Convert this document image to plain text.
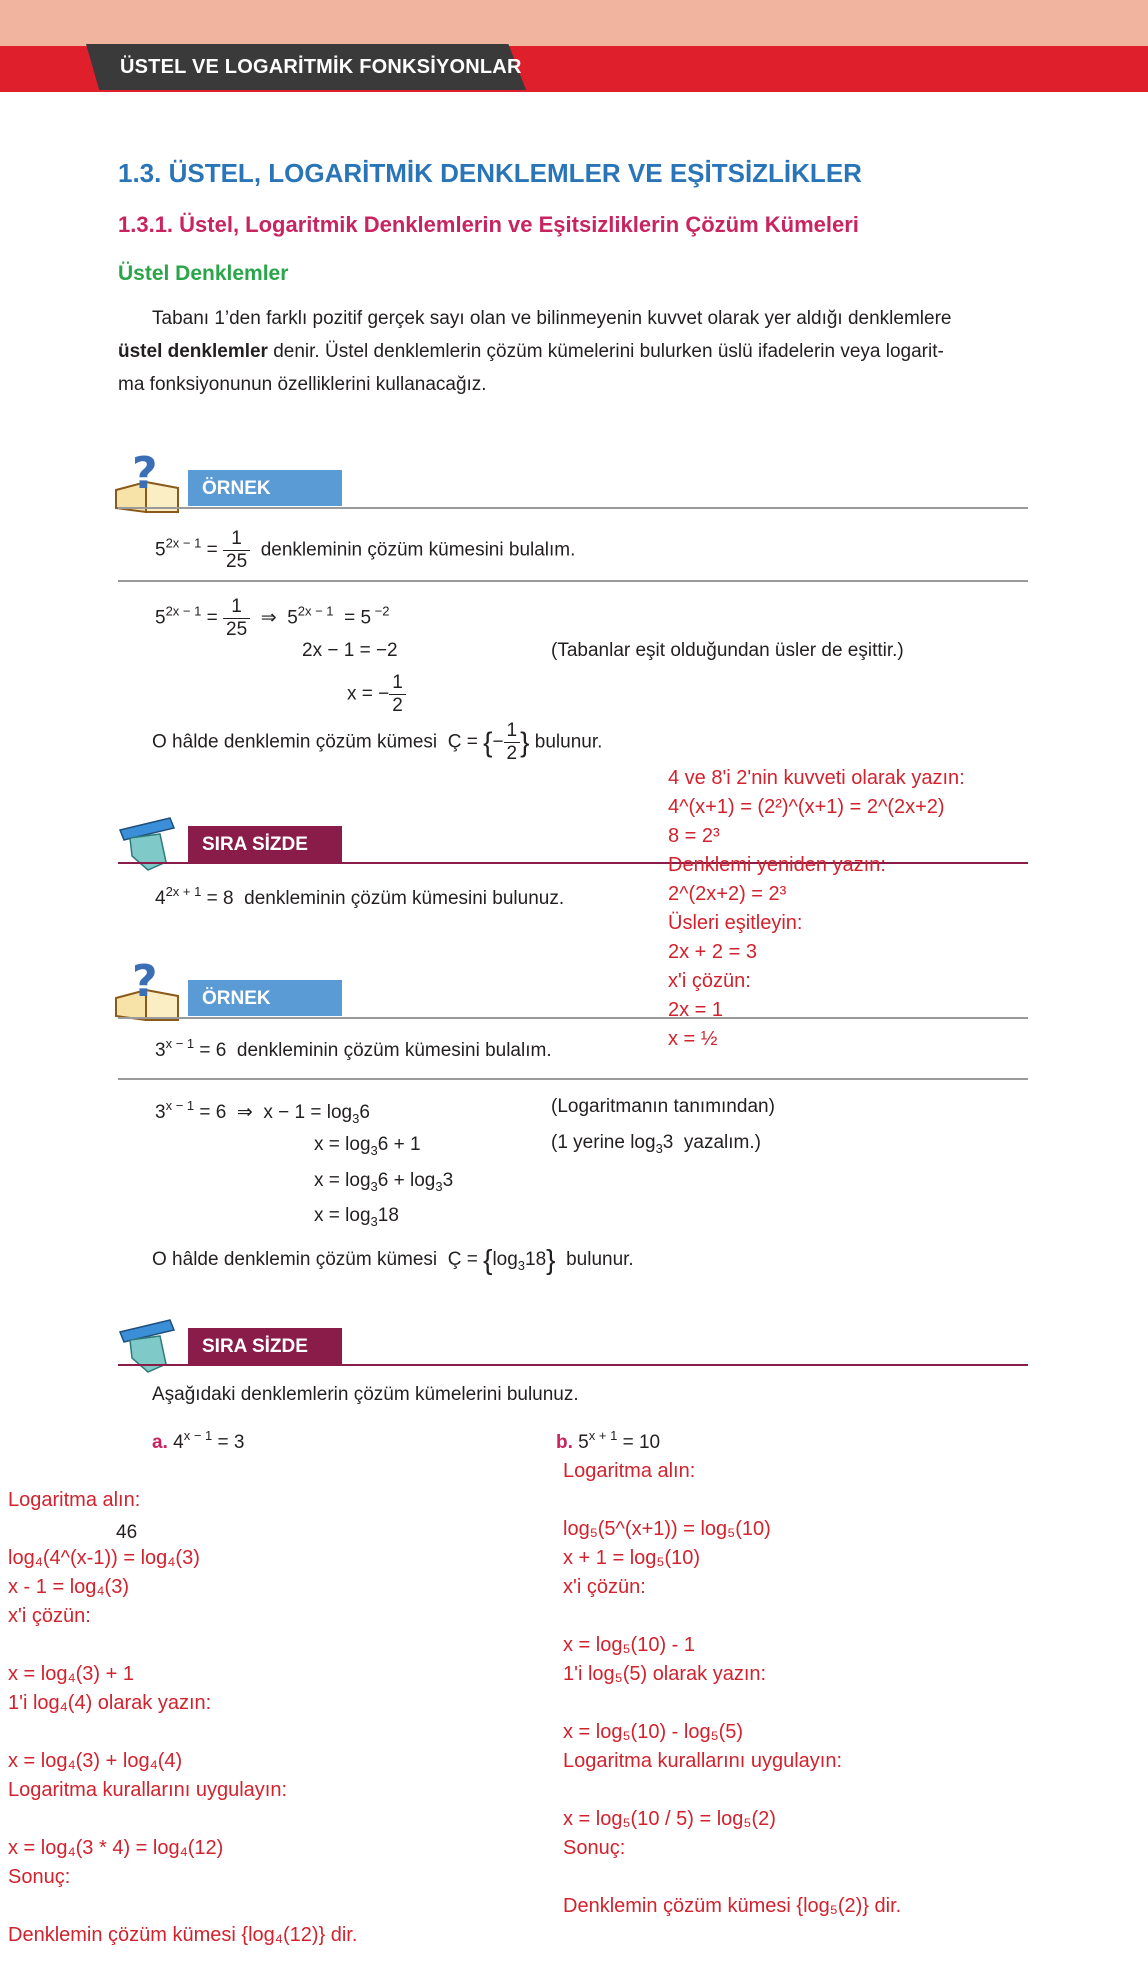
ÜSTEL VE LOGARİTMİK FONKSİYONLAR
1.3. ÜSTEL, LOGARİTMİK DENKLEMLER VE EŞİTSİZLİKLER
1.3.1. Üstel, Logaritmik Denklemlerin ve Eşitsizliklerin Çözüm Kümeleri
Üstel Denklemler
Tabanı 1’den farklı pozitif gerçek sayı olan ve bilinmeyenin kuvvet olarak yer aldığı denklemlere
üstel denklemler denir. Üstel denklemlerin çözüm kümelerini bulurken üslü ifadelerin veya logarit-
ma fonksiyonunun özelliklerini kullanacağız.
?	ÖRNEK
$5^{2x - 1} = \frac{1}{25}$ denkleminin çözüm kümesini bulalım.
$5^{2x - 1} = \frac{1}{25}$ ⇒  $5^{2x - 1} = 5$ $^{-2}$
2x − 1 = −2	(Tabanlar eşit olduğundan üsler de eşittir.)
x = − $\frac{1}{2}$
O hâlde denklemin çözüm kümesi  Ç = {− $\frac{1}{2}$ } bulunur.
SIRA SİZDE
$4^{2x + 1} = 8$  denkleminin çözüm kümesini bulunuz.
?	ÖRNEK
$3^{x - 1} = 6$  denkleminin çözüm kümesini bulalım.
$3^{x - 1} = 6$  ⇒  $x - 1 = \log_36$	(Logaritmanın tanımından)
$x = \log_36 + 1$	(1 yerine $\log_33$  yazalım.)
$x = \log_36 + \log_33$
$x = \log_318$
O hâlde denklemin çözüm kümesi  Ç = $\{\log_318\}$ bulunur.
SIRA SİZDE
Aşağıdaki denklemlerin çözüm kümelerini bulunuz.
a. $4^{x - 1} = 3$	b. $5^{x + 1} = 10$
46
4 ve 8'i 2'nin kuvveti olarak yazın:
4^(x+1) = (2²)^(x+1) = 2^(2x+2)
8 = 2³
Denklemi yeniden yazın:
2^(2x+2) = 2³
Üsleri eşitleyin:
2x + 2 = 3
x'i çözün:
2x = 1
x = ½
Logaritma alın:
log₄(4^(x-1)) = log₄(3)
x - 1 = log₄(3)
x'i çözün:

x = log₄(3) + 1
1'i log₄(4) olarak yazın:

x = log₄(3) + log₄(4)
Logaritma kurallarını uygulayın:

x = log₄(3 * 4) = log₄(12)
Sonuç:

Denklemin çözüm kümesi {log₄(12)} dir.
Logaritma alın:

log₅(5^(x+1)) = log₅(10)
x + 1 = log₅(10)
x'i çözün:

x = log₅(10) - 1
1'i log₅(5) olarak yazın:

x = log₅(10) - log₅(5)
Logaritma kurallarını uygulayın:

x = log₅(10 / 5) = log₅(2)
Sonuç:

Denklemin çözüm kümesi {log₅(2)} dir.
